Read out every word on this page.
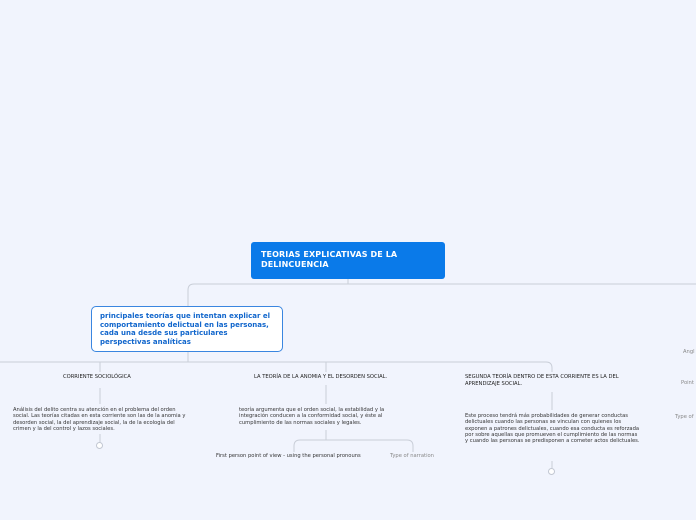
TEORIAS EXPLICATIVAS DE LA DELINCUENCIA
principales teorías que intentan explicar el comportamiento delictual en las personas, cada una desde sus particulares perspectivas analíticas
CORRIENTE SOCIOLÓGICA
Análisis del delito centra su atención en el problema del orden social. Las teorías citadas en esta corriente son las de la anomia y desorden social, la del aprendizaje social, la de la ecología del crimen y la del control y lazos sociales.
LA TEORÍA DE LA ANOMIA Y EL DESORDEN SOCIAL.
teoría argumenta que el orden social, la estabilidad y la integración conducen a la conformidad social, y éste al cumplimiento de las normas sociales y legales.
First person point of view - using the personal pronouns	Type of narration
SEGUNDA TEORÍA DENTRO DE ESTA CORRIENTE ES LA DEL APRENDIZAJE SOCIAL.
Este proceso tendrá más probabilidades de generar conductas delictuales cuando las personas se vinculan con quienes los exponen a patrones delictuales, cuando esa conducta es reforzada por sobre aquellas que promueven el cumplimiento de las normas y cuando las personas se predisponen a cometer actos delictuales.
Angl
Point
Type of
